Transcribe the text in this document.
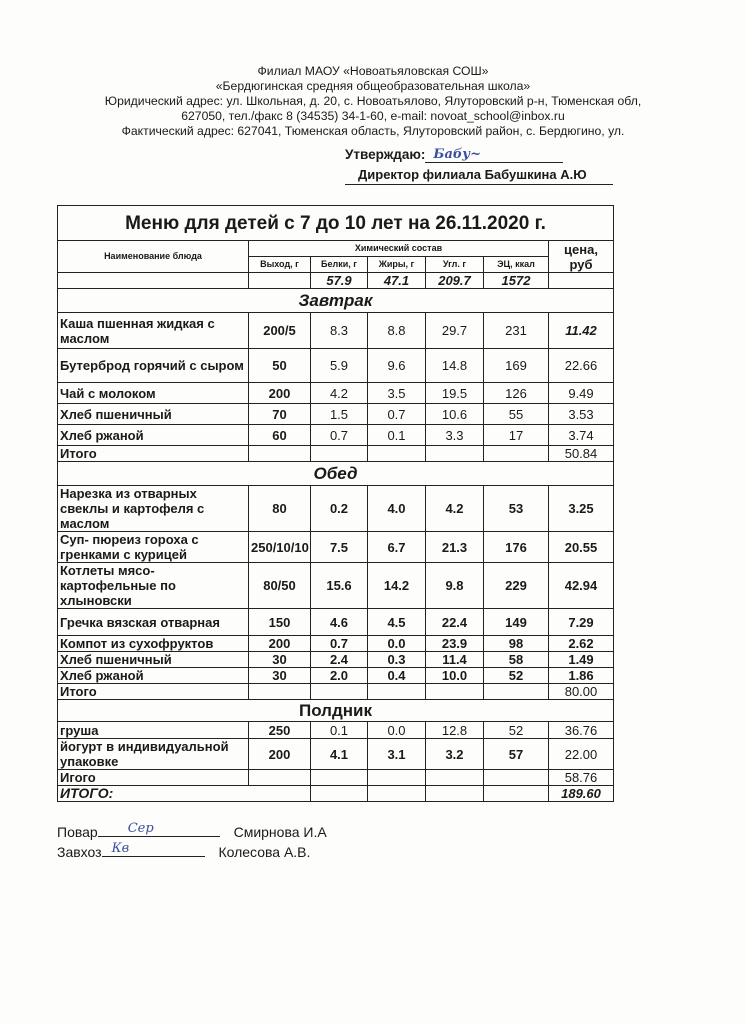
Филиал МАОУ «Новоатьяловская СОШ»
«Бердюгинская средняя общеобразовательная школа»
Юридический адрес: ул. Школьная, д. 20, с. Новоатьялово, Ялуторовский р-н, Тюменская обл,
627050, тел./факс 8 (34535) 34-1-60, e-mail: novoat_school@inbox.ru
Фактический адрес: 627041, Тюменская область, Ялуторовский район, с. Бердюгино, ул.
Утверждаю: Бабу~
Директор филиала Бабушкина А.Ю
Меню для детей с 7 до 10 лет на 26.11.2020 г.						
Наименование блюда	Химический состав					цена, руб
	Выход, г	Белки, г	Жиры, г	Угл. г	ЭЦ, ккал	
		57.9	47.1	209.7	1572	
Завтрак						
Каша пшенная жидкая с маслом	200/5	8.3	8.8	29.7	231	11.42
Бутерброд горячий с сыром	50	5.9	9.6	14.8	169	22.66
Чай с молоком	200	4.2	3.5	19.5	126	9.49
Хлеб пшеничный	70	1.5	0.7	10.6	55	3.53
Хлеб ржаной	60	0.7	0.1	3.3	17	3.74
Итого						50.84
Обед						
Нарезка из отварных свеклы и картофеля с маслом	80	0.2	4.0	4.2	53	3.25
Суп- пюреиз гороха с гренками с курицей	250/10/10	7.5	6.7	21.3	176	20.55
Котлеты мясо-картофельные по хлыновски	80/50	15.6	14.2	9.8	229	42.94
Гречка вязская отварная	150	4.6	4.5	22.4	149	7.29
Компот из сухофруктов	200	0.7	0.0	23.9	98	2.62
Хлеб пшеничный	30	2.4	0.3	11.4	58	1.49
Хлеб ржаной	30	2.0	0.4	10.0	52	1.86
Итого						80.00
Полдник						
груша	250	0.1	0.0	12.8	52	36.76
йогурт в индивидуальной упаковке	200	4.1	3.1	3.2	57	22.00
Игого						58.76
ИТОГО:						189.60
Повар Сер	Смирнова И.А
Завхоз Кв	Колесова А.В.
